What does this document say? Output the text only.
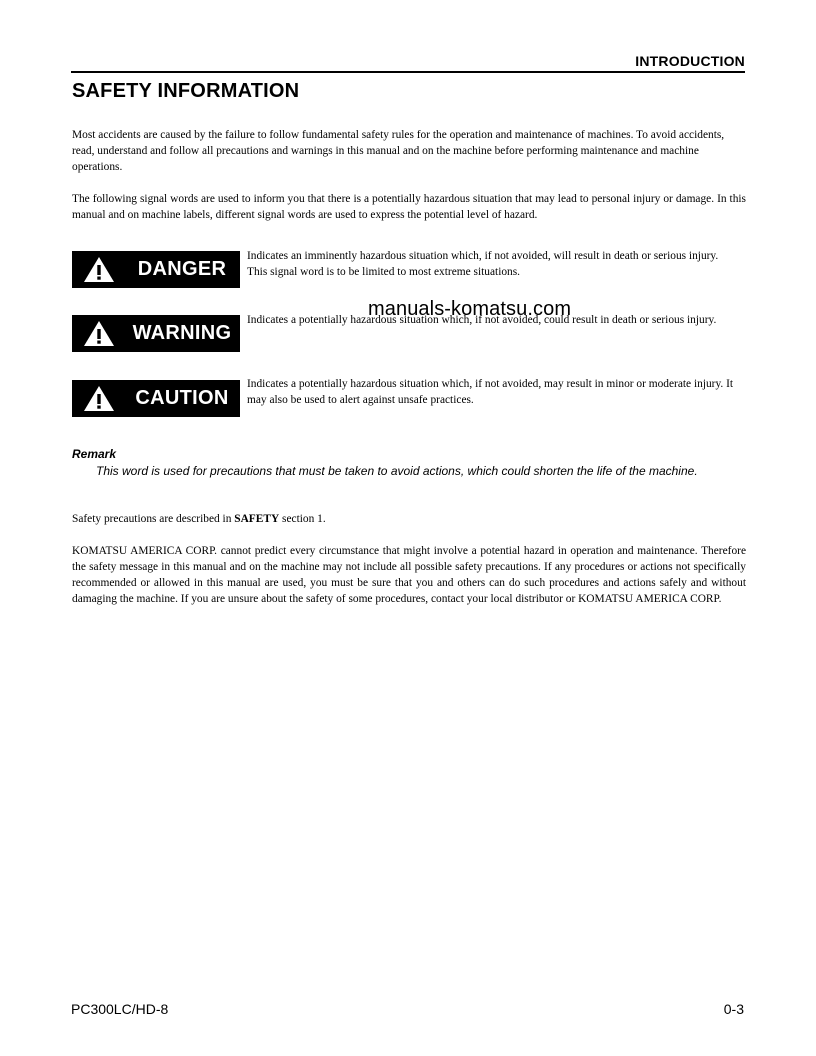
INTRODUCTION
SAFETY INFORMATION

Most accidents are caused by the failure to follow fundamental safety rules for the operation and maintenance of machines. To avoid accidents, read, understand and follow all precautions and warnings in this manual and on the machine before performing maintenance and machine operations.

The following signal words are used to inform you that there is a potentially hazardous situation that may lead to personal injury or damage. In this manual and on machine labels, different signal words are used to express the potential level of hazard.

DANGER

Indicates an imminently hazardous situation which, if not avoided, will result in death or serious injury. This signal word is to be limited to most extreme situations.

WARNING

Indicates a potentially hazardous situation which, if not avoided, could result in death or serious injury.

manuals-komatsu.com
CAUTION

Indicates a potentially hazardous situation which, if not avoided, may result in minor or moderate injury. It may also be used to alert against unsafe practices.

Remark

This word is used for precautions that must be taken to avoid actions, which could shorten the life of the machine.

Safety precautions are described in SAFETY section 1.

KOMATSU AMERICA CORP. cannot predict every circumstance that might involve a potential hazard in operation and maintenance. Therefore the safety message in this manual and on the machine may not include all possible safety precautions. If any procedures or actions not specifically recommended or allowed in this manual are used, you must be sure that you and others can do such procedures and actions safely and without damaging the machine. If you are unsure about the safety of some procedures, contact your local distributor or KOMATSU AMERICA CORP.

PC300LC/HD-8	0-3
